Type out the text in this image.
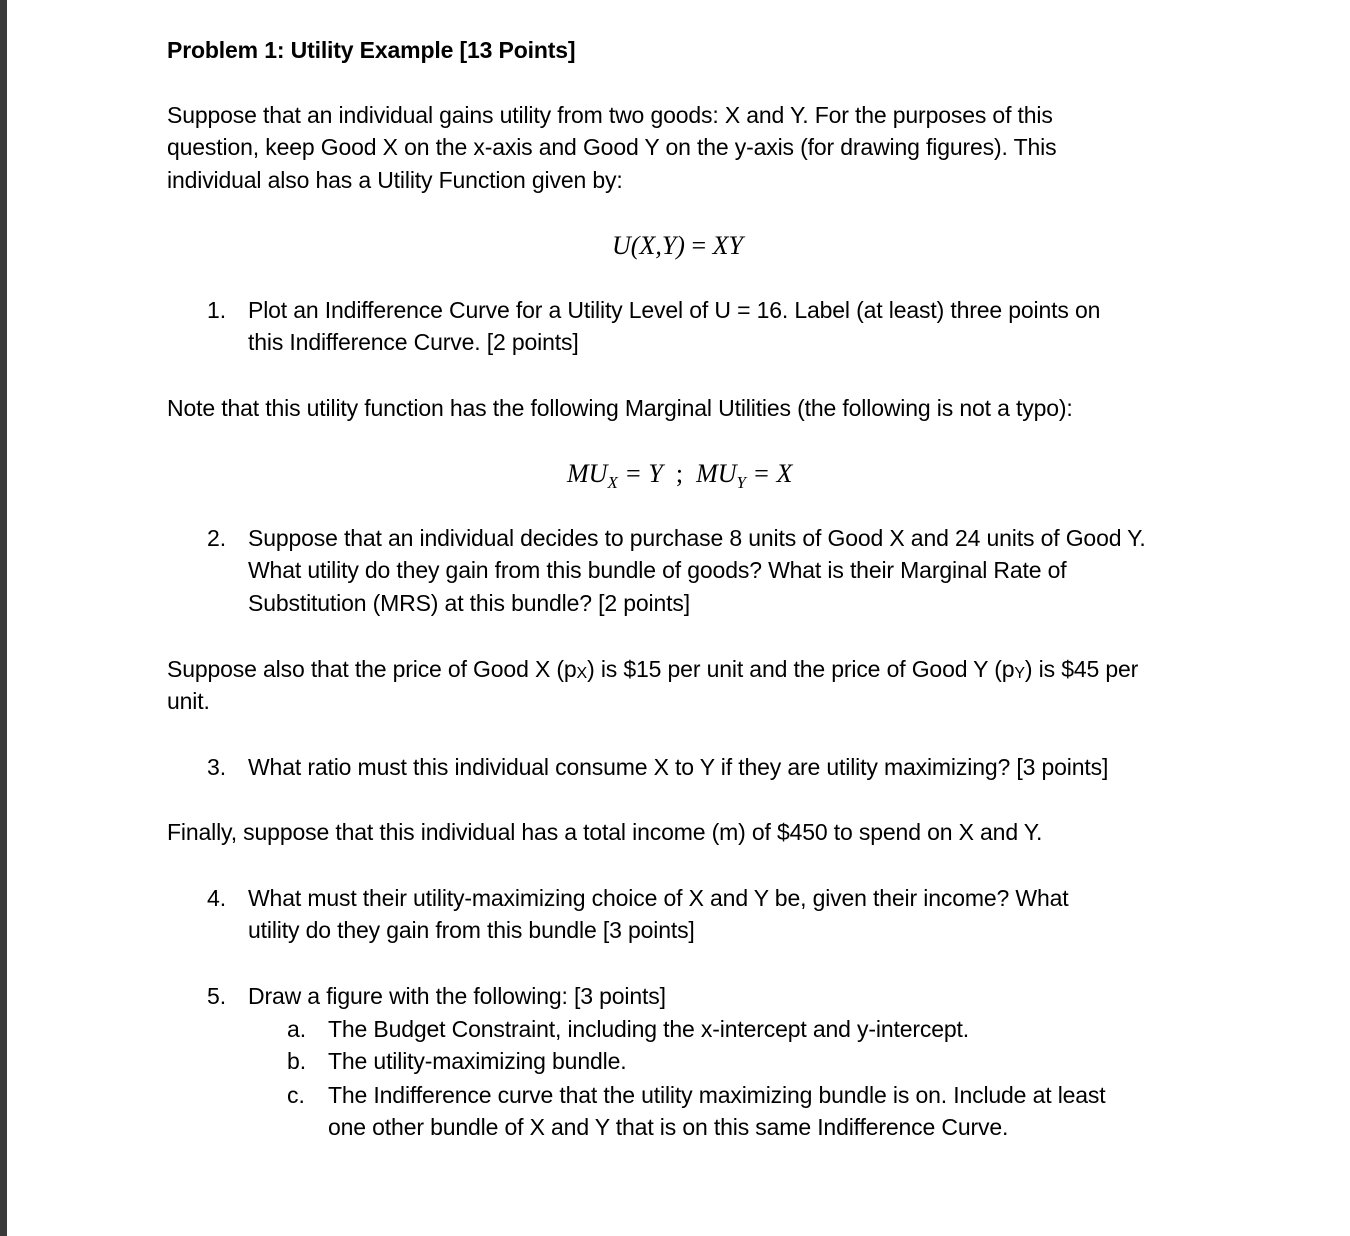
Problem 1: Utility Example [13 Points]
Suppose that an individual gains utility from two goods: X and Y. For the purposes of this
question, keep Good X on the x-axis and Good Y on the y-axis (for drawing figures). This
individual also has a Utility Function given by:
U(X,Y) = XY
1. Plot an Indifference Curve for a Utility Level of U = 16. Label (at least) three points on
this Indifference Curve. [2 points]
Note that this utility function has the following Marginal Utilities (the following is not a typo):
$MU_X = Y$  ;  $MU_Y = X$
2. Suppose that an individual decides to purchase 8 units of Good X and 24 units of Good Y.
What utility do they gain from this bundle of goods? What is their Marginal Rate of
Substitution (MRS) at this bundle? [2 points]
Suppose also that the price of Good X (pX) is $15 per unit and the price of Good Y (pY) is $45 per
unit.
3. What ratio must this individual consume X to Y if they are utility maximizing? [3 points]
Finally, suppose that this individual has a total income (m) of $450 to spend on X and Y.
4. What must their utility-maximizing choice of X and Y be, given their income? What
utility do they gain from this bundle [3 points]
5. Draw a figure with the following: [3 points]
a. The Budget Constraint, including the x-intercept and y-intercept.
b. The utility-maximizing bundle.
c. The Indifference curve that the utility maximizing bundle is on. Include at least
one other bundle of X and Y that is on this same Indifference Curve.
